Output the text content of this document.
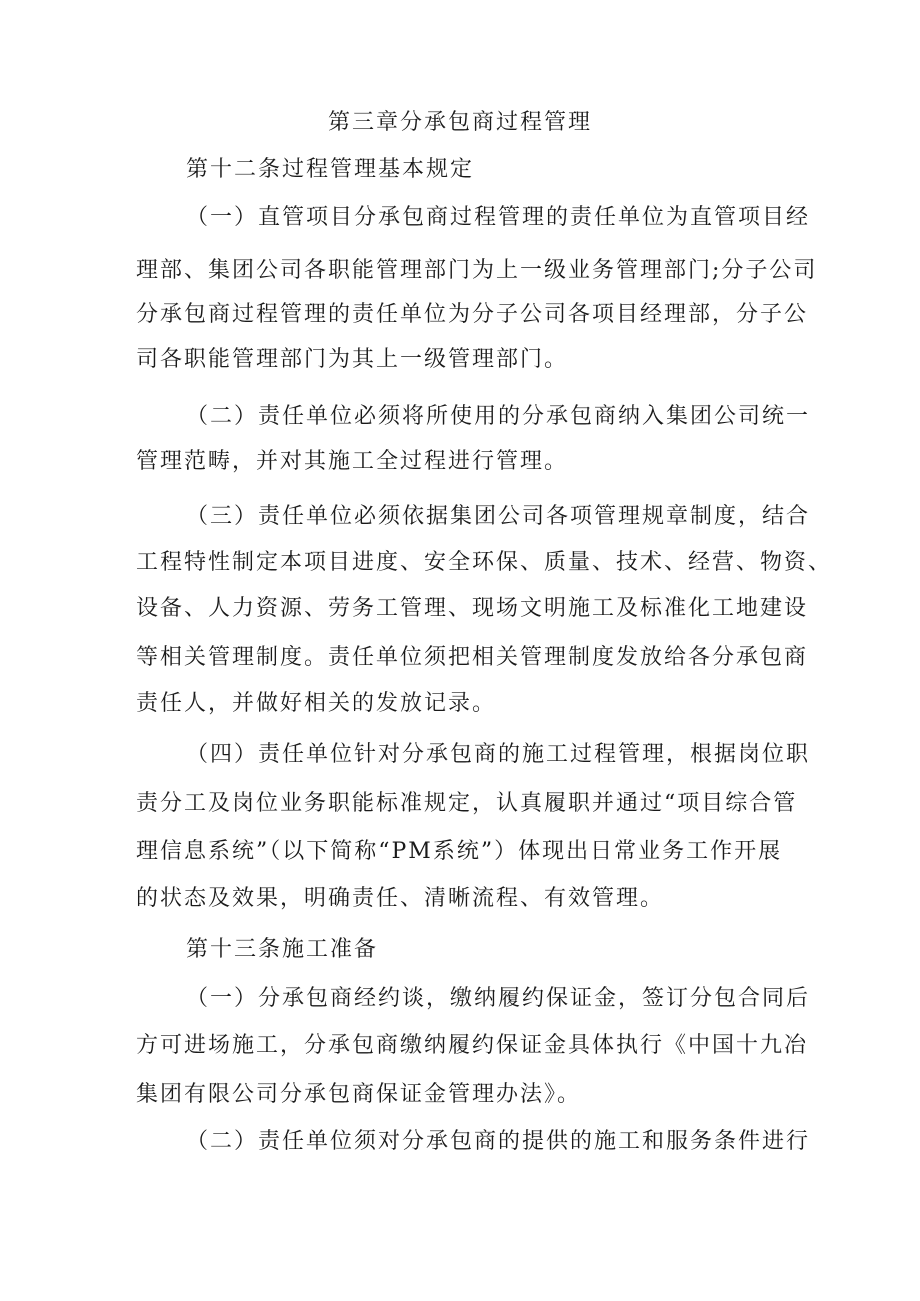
第三章分承包商过程管理

第十二条过程管理基本规定

（一）直管项目分承包商过程管理的责任单位为直管项目经

理部、集团公司各职能管理部门为上一级业务管理部门;分子公司

分承包商过程管理的责任单位为分子公司各项目经理部，分子公

司各职能管理部门为其上一级管理部门。

（二）责任单位必须将所使用的分承包商纳入集团公司统一

管理范畴，并对其施工全过程进行管理。

（三）责任单位必须依据集团公司各项管理规章制度，结合

工程特性制定本项目进度、安全环保、质量、技术、经营、物资、

设备、人力资源、劳务工管理、现场文明施工及标准化工地建设

等相关管理制度。责任单位须把相关管理制度发放给各分承包商

责任人，并做好相关的发放记录。

（四）责任单位针对分承包商的施工过程管理，根据岗位职

责分工及岗位业务职能标准规定，认真履职并通过“项目综合管

理信息系统”（以下简称“PM系统”）体现出日常业务工作开展

的状态及效果，明确责任、清晰流程、有效管理。

第十三条施工准备

（一）分承包商经约谈，缴纳履约保证金，签订分包合同后

方可进场施工，分承包商缴纳履约保证金具体执行《中国十九冶

集团有限公司分承包商保证金管理办法》。

（二）责任单位须对分承包商的提供的施工和服务条件进行
